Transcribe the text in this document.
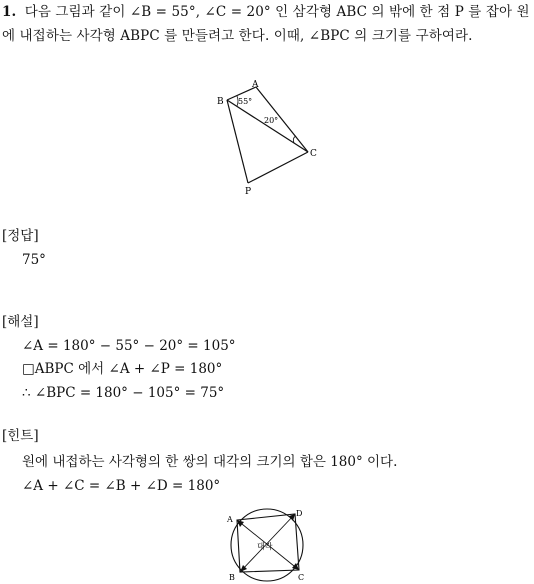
1. 다음 그림과 같이 ∠B = 55°, ∠C = 20° 인 삼각형 ABC 의 밖에 한 점 P 를 잡아 원에 내접하는 사각형 ABPC 를 만들려고 한다. 이때, ∠BPC 의 크기를 구하여라.
A
B
C
P
55°
20°
[정답]
75°
[해설]
∠A = 180° − 55° − 20° = 105°
□ABPC 에서 ∠A + ∠P = 180°
∴ ∠BPC = 180° − 105° = 75°
[힌트]
원에 내접하는 사각형의 한 쌍의 대각의 크기의 합은 180° 이다.
∠A + ∠C = ∠B + ∠D = 180°
A
D
B	C
대각
